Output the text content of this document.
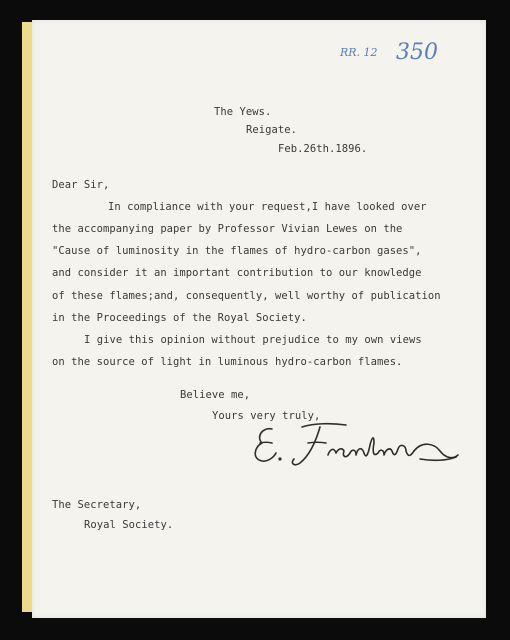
RR. 12 350
The Yews.
Reigate.
Feb.26th.1896.
Dear Sir,
In compliance with your request,I have looked over
the accompanying paper by Professor Vivian Lewes on the
"Cause of luminosity in the flames of hydro-carbon gases",
and consider it an important contribution to our knowledge
of these flames;and, consequently, well worthy of publication
in the Proceedings of the Royal Society.
I give this opinion without prejudice to my own views
on the source of light in luminous hydro-carbon flames.
Believe me,
Yours very truly,
The Secretary,
Royal Society.
